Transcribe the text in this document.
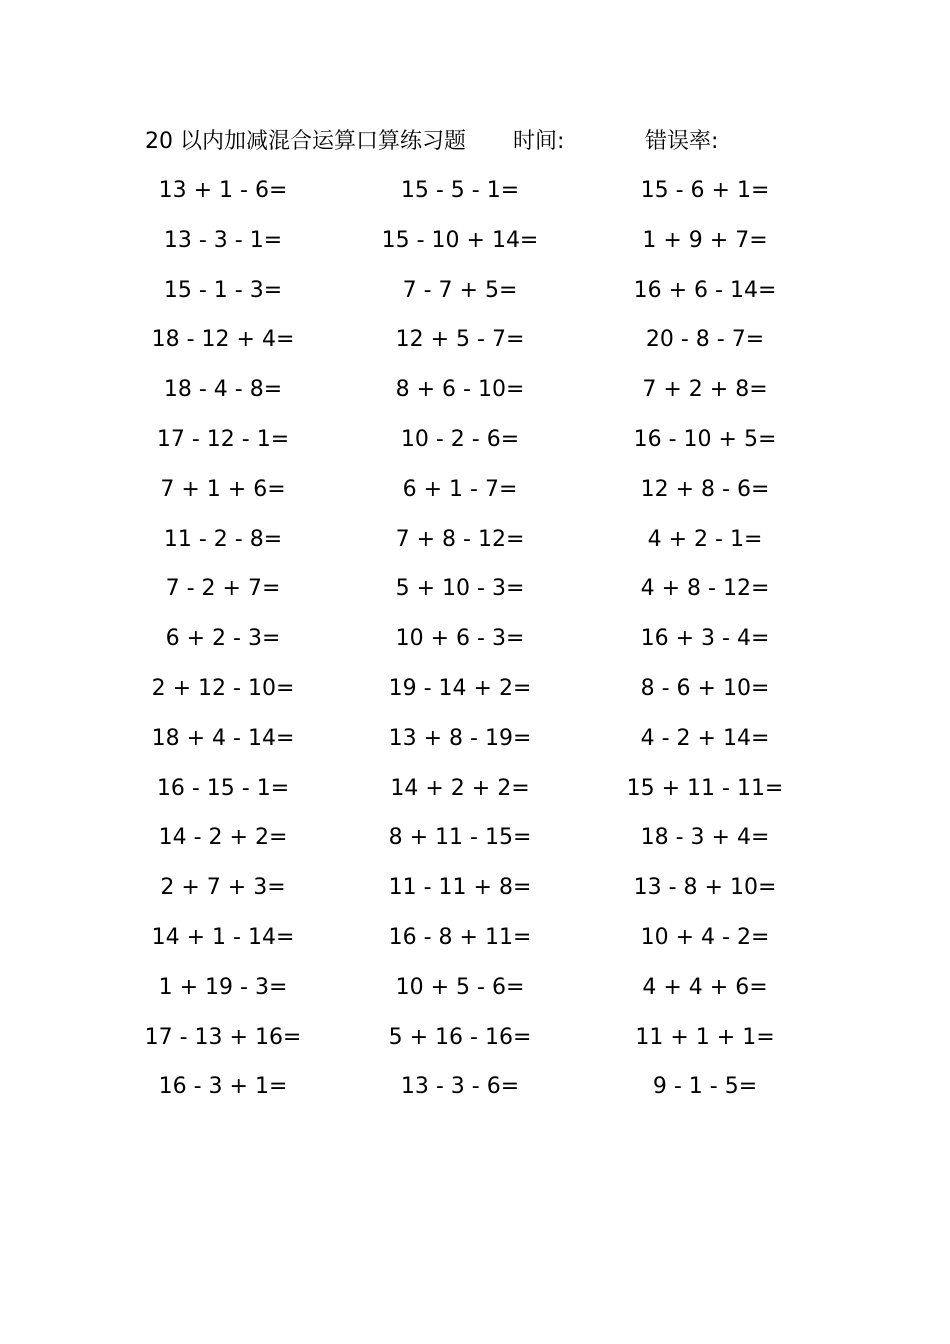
20 以内加减混合运算口算练习题 时间:	错误率:
13 + 1 - 6=	15 - 5 - 1=	15 - 6 + 1=
13 - 3 - 1=	15 - 10 + 14=	1 + 9 + 7=
15 - 1 - 3=	7 - 7 + 5=	16 + 6 - 14=
18 - 12 + 4=	12 + 5 - 7=	20 - 8 - 7=
18 - 4 - 8=	8 + 6 - 10=	7 + 2 + 8=
17 - 12 - 1=	10 - 2 - 6=	16 - 10 + 5=
7 + 1 + 6=	6 + 1 - 7=	12 + 8 - 6=
11 - 2 - 8=	7 + 8 - 12=	4 + 2 - 1=
7 - 2 + 7=	5 + 10 - 3=	4 + 8 - 12=
6 + 2 - 3=	10 + 6 - 3=	16 + 3 - 4=
2 + 12 - 10=	19 - 14 + 2=	8 - 6 + 10=
18 + 4 - 14=	13 + 8 - 19=	4 - 2 + 14=
16 - 15 - 1=	14 + 2 + 2=	15 + 11 - 11=
14 - 2 + 2=	8 + 11 - 15=	18 - 3 + 4=
2 + 7 + 3=	11 - 11 + 8=	13 - 8 + 10=
14 + 1 - 14=	16 - 8 + 11=	10 + 4 - 2=
1 + 19 - 3=	10 + 5 - 6=	4 + 4 + 6=
17 - 13 + 16=	5 + 16 - 16=	11 + 1 + 1=
16 - 3 + 1=	13 - 3 - 6=	9 - 1 - 5=
